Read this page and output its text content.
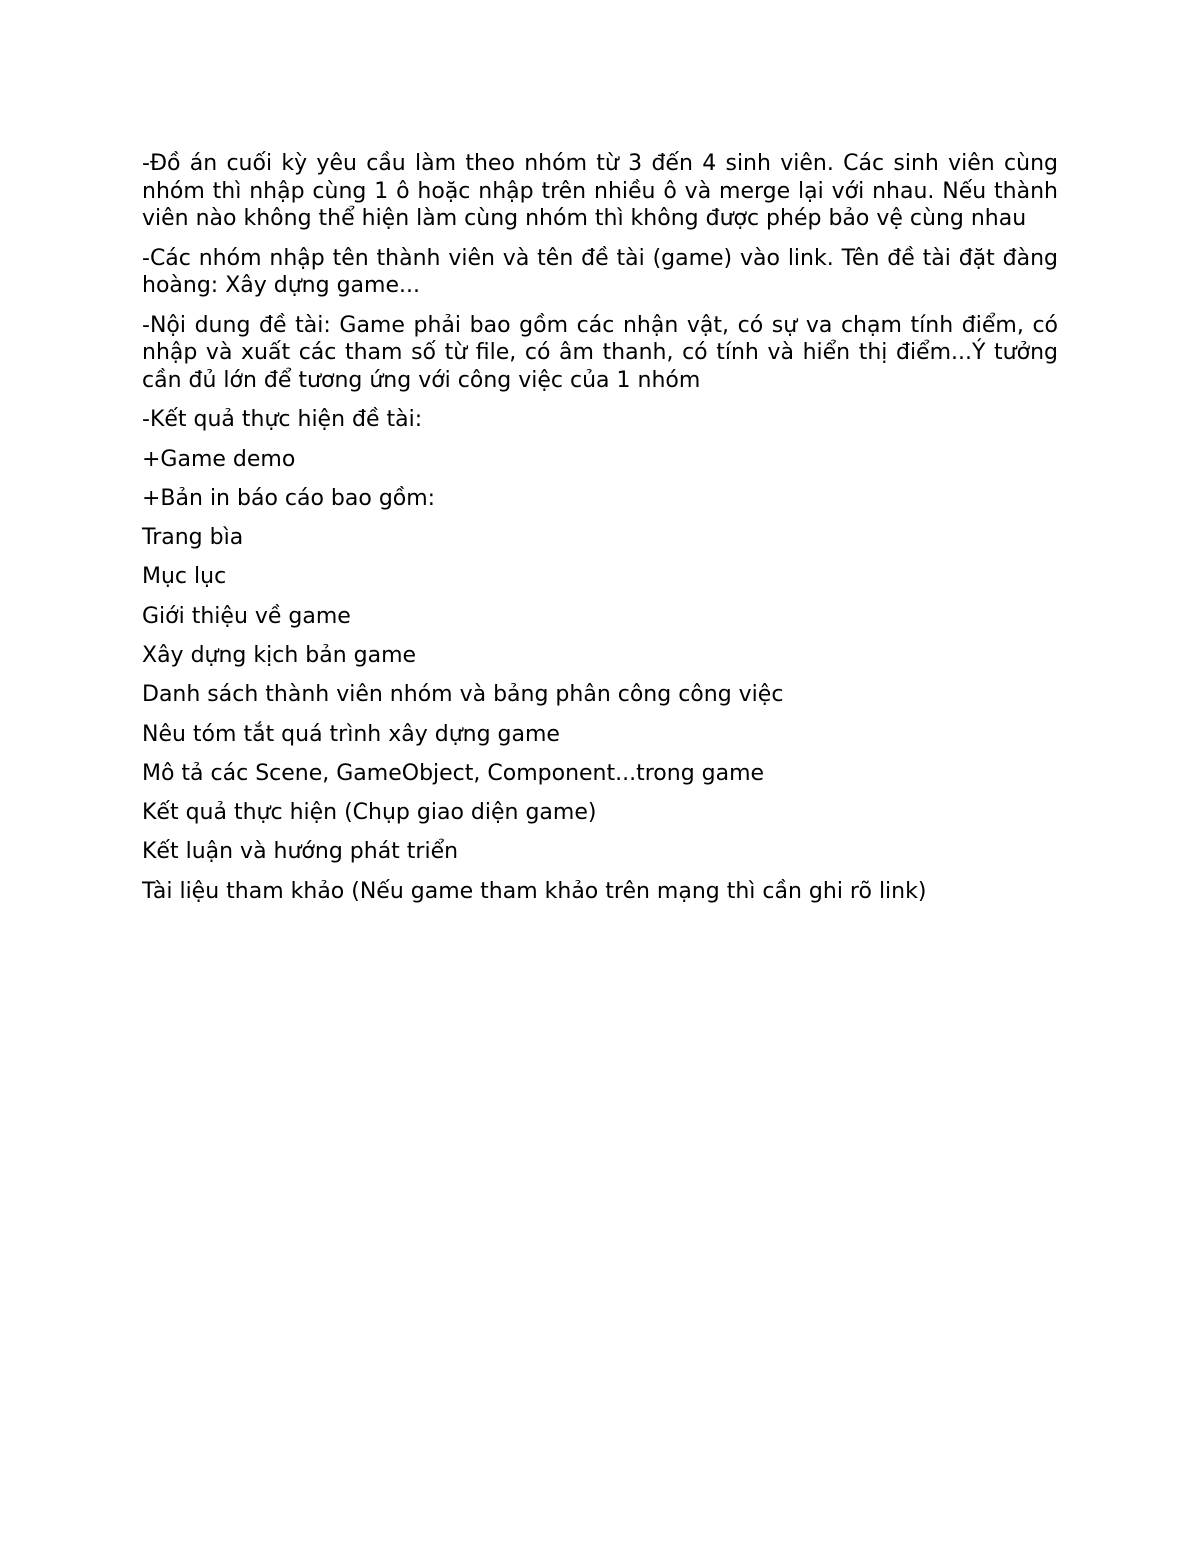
-Đồ án cuối kỳ yêu cầu làm theo nhóm từ 3 đến 4 sinh viên. Các sinh viên cùng nhóm thì nhập cùng 1 ô hoặc nhập trên nhiều ô và merge lại với nhau. Nếu thành viên nào không thể hiện làm cùng nhóm thì không được phép bảo vệ cùng nhau

-Các nhóm nhập tên thành viên và tên đề tài (game) vào link. Tên đề tài đặt đàng hoàng: Xây dựng game...

-Nội dung đề tài: Game phải bao gồm các nhận vật, có sự va chạm tính điểm, có nhập và xuất các tham số từ file, có âm thanh, có tính và hiển thị điểm...Ý tưởng cần đủ lớn để tương ứng với công việc của 1 nhóm

-Kết quả thực hiện đề tài:

+Game demo

+Bản in báo cáo bao gồm:

Trang bìa

Mục lục

Giới thiệu về game

Xây dựng kịch bản game

Danh sách thành viên nhóm và bảng phân công công việc

Nêu tóm tắt quá trình xây dựng game

Mô tả các Scene, GameObject, Component...trong game

Kết quả thực hiện (Chụp giao diện game)

Kết luận và hướng phát triển

Tài liệu tham khảo (Nếu game tham khảo trên mạng thì cần ghi rõ link)
